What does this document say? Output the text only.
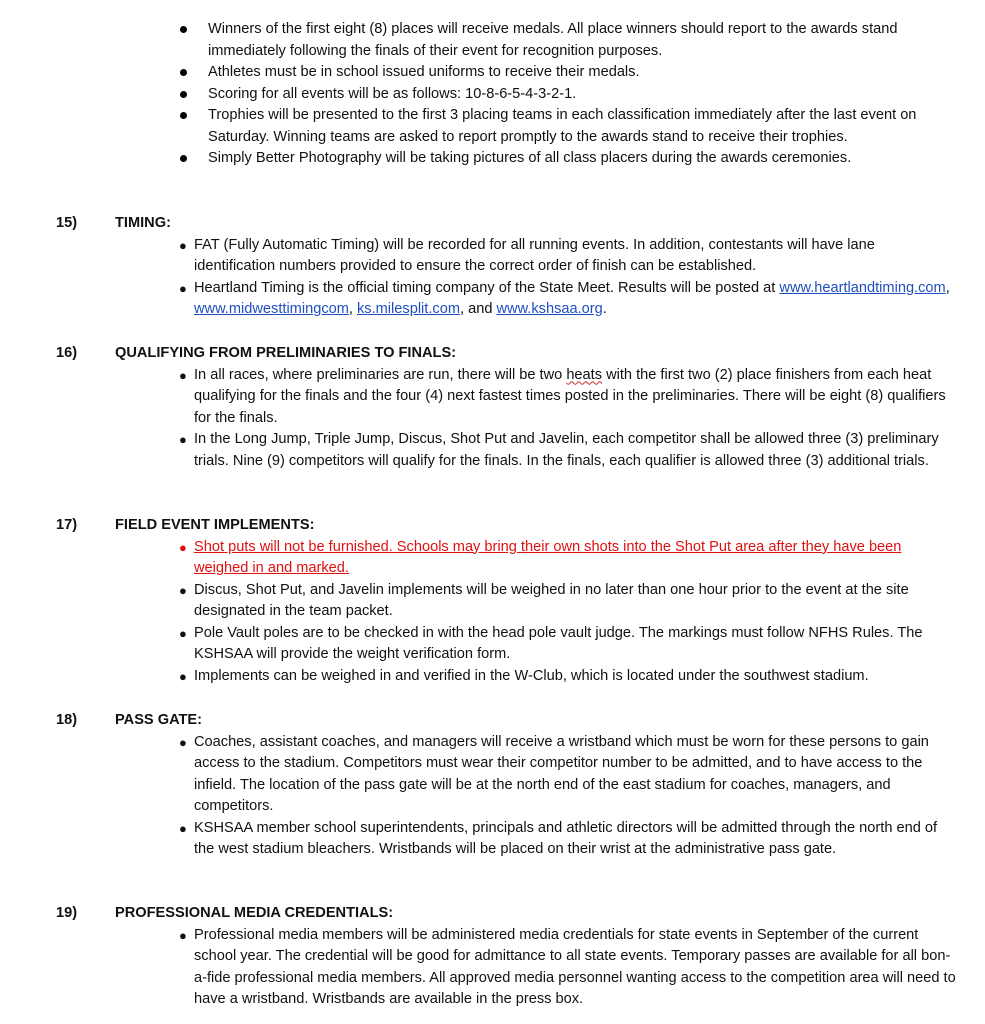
Winners of the first eight (8) places will receive medals. All place winners should report to the awards stand immediately following the finals of their event for recognition purposes.

Athletes must be in school issued uniforms to receive their medals.

Scoring for all events will be as follows: 10-8-6-5-4-3-2-1.

Trophies will be presented to the first 3 placing teams in each classification immediately after the last event on Saturday. Winning teams are asked to report promptly to the awards stand to receive their trophies.

Simply Better Photography will be taking pictures of all class placers during the awards ceremonies.

15)	TIMING:

● FAT (Fully Automatic Timing) will be recorded for all running events. In addition, contestants will have lane identification numbers provided to ensure the correct order of finish can be established.

● Heartland Timing is the official timing company of the State Meet. Results will be posted at www.heartlandtiming.com, www.midwesttimingcom, ks.milesplit.com, and www.kshsaa.org.

16)	QUALIFYING FROM PRELIMINARIES TO FINALS:

● In all races, where preliminaries are run, there will be two heats with the first two (2) place finishers from each heat qualifying for the finals and the four (4) next fastest times posted in the preliminaries. There will be eight (8) qualifiers for the finals.

● In the Long Jump, Triple Jump, Discus, Shot Put and Javelin, each competitor shall be allowed three (3) preliminary trials. Nine (9) competitors will qualify for the finals. In the finals, each qualifier is allowed three (3) additional trials.

17)	FIELD EVENT IMPLEMENTS:

● Shot puts will not be furnished. Schools may bring their own shots into the Shot Put area after they have been weighed in and marked.

● Discus, Shot Put, and Javelin implements will be weighed in no later than one hour prior to the event at the site designated in the team packet.

● Pole Vault poles are to be checked in with the head pole vault judge. The markings must follow NFHS Rules. The KSHSAA will provide the weight verification form.

● Implements can be weighed in and verified in the W-Club, which is located under the southwest stadium.

18)	PASS GATE:

● Coaches, assistant coaches, and managers will receive a wristband which must be worn for these persons to gain access to the stadium. Competitors must wear their competitor number to be admitted, and to have access to the infield. The location of the pass gate will be at the north end of the east stadium for coaches, managers, and competitors.

● KSHSAA member school superintendents, principals and athletic directors will be admitted through the north end of the west stadium bleachers. Wristbands will be placed on their wrist at the administrative pass gate.

19)	PROFESSIONAL MEDIA CREDENTIALS:

● Professional media members will be administered media credentials for state events in September of the current school year. The credential will be good for admittance to all state events. Temporary passes are available for all bon-a-fide professional media members. All approved media personnel wanting access to the competition area will need to have a wristband. Wristbands are available in the press box.
